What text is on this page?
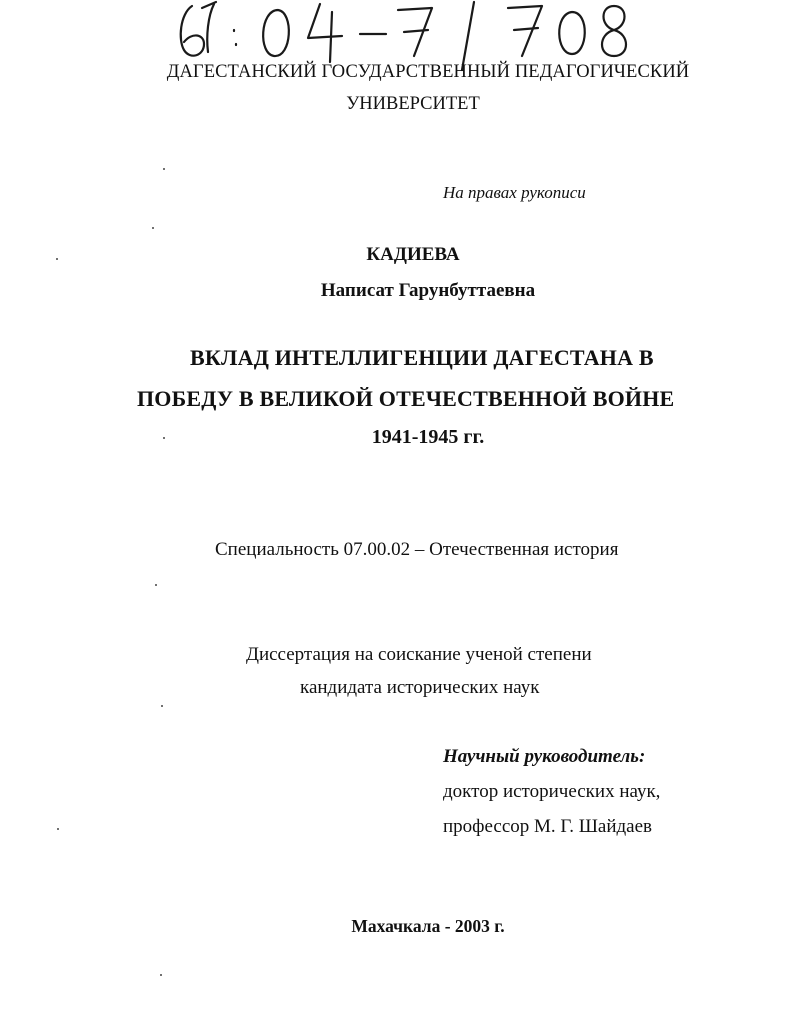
ДАГЕСТАНСКИЙ ГОСУДАРСТВЕННЫЙ ПЕДАГОГИЧЕСКИЙ
УНИВЕРСИТЕТ
На правах рукописи
КАДИЕВА
Написат Гарунбуттаевна
ВКЛАД ИНТЕЛЛИГЕНЦИИ ДАГЕСТАНА В
ПОБЕДУ В ВЕЛИКОЙ ОТЕЧЕСТВЕННОЙ ВОЙНЕ
1941-1945 гг.
Специальность 07.00.02 – Отечественная история
Диссертация на соискание ученой степени
кандидата исторических наук
Научный руководитель:
доктор исторических наук,
профессор М. Г. Шайдаев
Махачкала - 2003 г.
